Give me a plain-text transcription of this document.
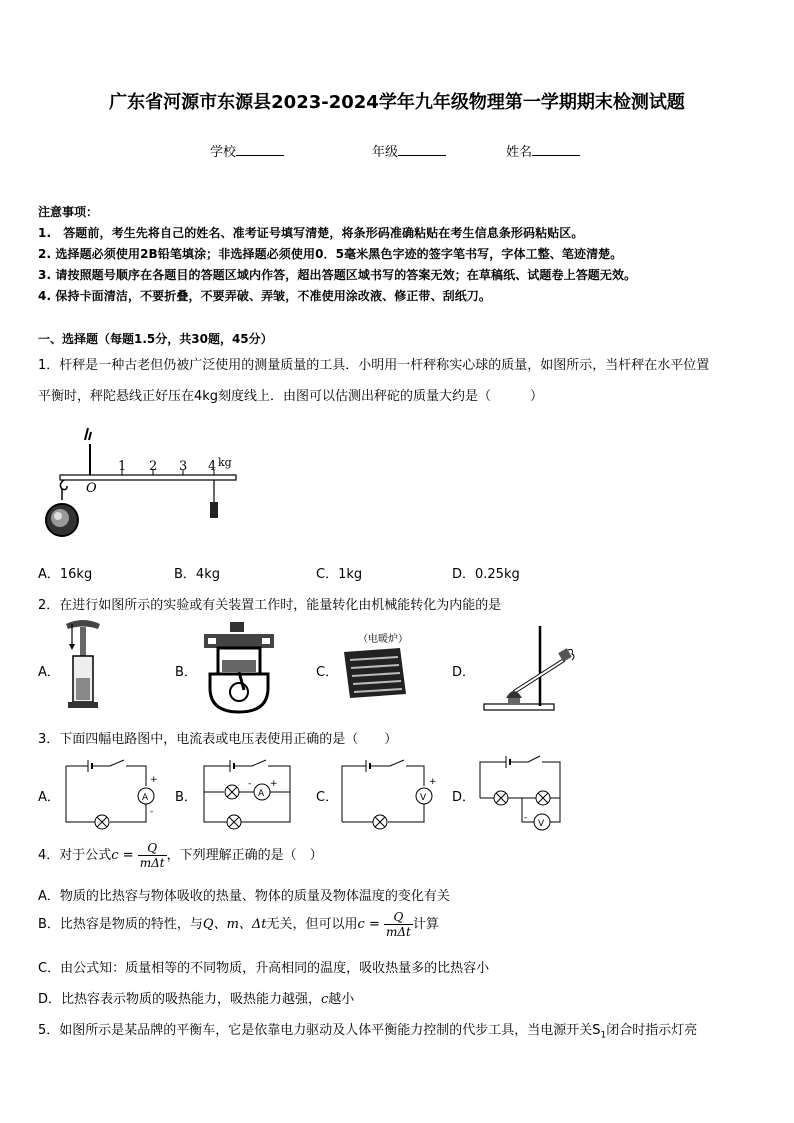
广东省河源市东源县2023-2024学年九年级物理第一学期期末检测试题
学校	年级	姓名
注意事项：
1.　答题前，考生先将自己的姓名、准考证号填写清楚，将条形码准确粘贴在考生信息条形码粘贴区。
2. 选择题必须使用2B铅笔填涂；非选择题必须使用0．5毫米黑色字迹的签字笔书写，字体工整、笔迹清楚。
3. 请按照题号顺序在各题目的答题区域内作答，超出答题区域书写的答案无效；在草稿纸、试题卷上答题无效。
4. 保持卡面清洁，不要折叠，不要弄破、弄皱，不准使用涂改液、修正带、刮纸刀。
一、选择题（每题1.5分，共30题，45分）
1．杆秤是一种古老但仍被广泛使用的测量质量的工具．小明用一杆秤称实心球的质量，如图所示，当杆秤在水平位置
平衡时，秤陀悬线正好压在4kg刻度线上．由图可以估测出秤砣的质量大约是（　　　）
O
1 2 3 4 kg
A．16kg	B．4kg	C．1kg	D．0.25kg
2．在进行如图所示的实验或有关装置工作时，能量转化由机械能转化为内能的是
A．	B．	C．
（电暖炉）
D．
3．下面四幅电路图中，电流表或电压表使用正确的是（　　）
A．	A
+
-
B．	A
- +
C．	V
+
D．
V
-
4．对于公式$c = \frac{Q}{\text{mΔt}}$ ，下列理解正确的是（　）
A．物质的比热容与物体吸收的热量、物体的质量及物体温度的变化有关
B．比热容是物质的特性，与Q、m、Δt无关，但可以用$c = \frac{Q}{\text{mΔt}}$ 计算
C．由公式知：质量相等的不同物质，升高相同的温度，吸收热量多的比热容小
D．比热容表示物质的吸热能力，吸热能力越强，c越小
5．如图所示是某品牌的平衡车，它是依靠电力驱动及人体平衡能力控制的代步工具，当电源开关$S_1$闭合时指示灯亮
